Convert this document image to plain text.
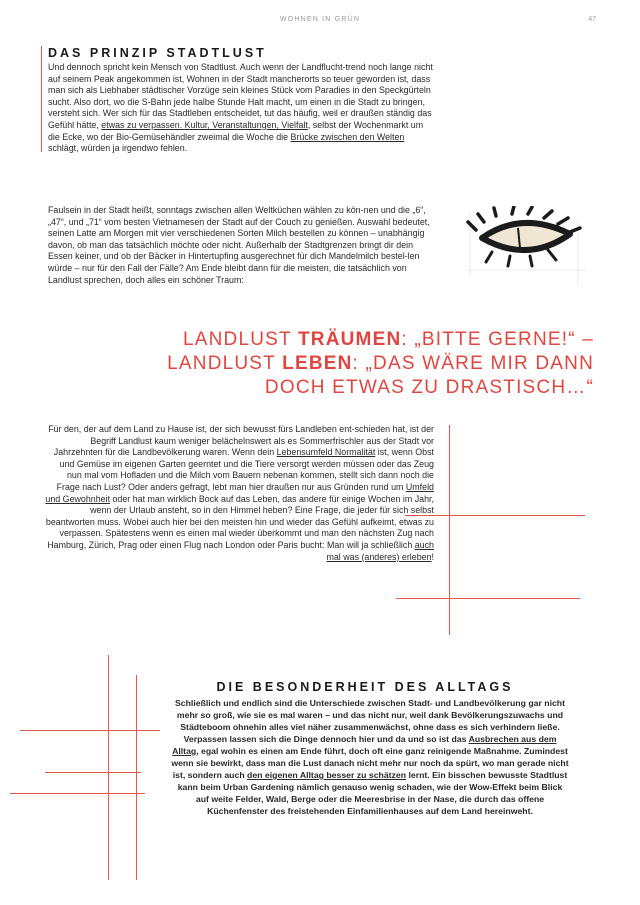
WOHNEN IN GRÜN	47
DAS PRINZIP STADTLUST

Und dennoch spricht kein Mensch von Stadtlust. Auch wenn der Landflucht-trend noch lange nicht auf seinem Peak angekommen ist, Wohnen in der Stadt mancherorts so teuer geworden ist, dass man sich als Liebhaber städtischer Vorzüge sein kleines Stück vom Paradies in den Speckgürteln sucht. Also dort, wo die S-Bahn jede halbe Stunde Halt macht, um einen in die Stadt zu bringen, versteht sich. Wer sich für das Stadtleben entscheidet, tut das häufig, weil er draußen ständig das Gefühl hätte, etwas zu verpassen. Kultur, Veranstaltungen, Vielfalt, selbst der Wochenmarkt um die Ecke, wo der Bio-Gemüsehändler zweimal die Woche die Brücke zwischen den Welten schlägt, würden ja irgendwo fehlen.

Faulsein in der Stadt heißt, sonntags zwischen allen Weltküchen wählen zu kön-nen und die „6“, „47“, und „71“ vom besten Vietnamesen der Stadt auf der Couch zu genießen. Auswahl bedeutet, seinen Latte am Morgen mit vier verschiedenen Sorten Milch bestellen zu können – unabhängig davon, ob man das tatsächlich möchte oder nicht. Außerhalb der Stadtgrenzen bringt dir dein Essen keiner, und ob der Bäcker in Hintertupfing ausgerechnet für dich Mandelmilch bestel-len würde – nur für den Fall der Fälle? Am Ende bleibt dann für die meisten, die tatsächlich von Landlust sprechen, doch alles ein schöner Traum:

LANDLUST TRÄUMEN: „BITTE GERNE!“ –
LANDLUST LEBEN: „DAS WÄRE MIR DANN
DOCH ETWAS ZU DRASTISCH…“
Für den, der auf dem Land zu Hause ist, der sich bewusst fürs Landleben ent-schieden hat, ist der Begriff Landlust kaum weniger belächelnswert als es Sommerfrischler aus der Stadt vor Jahrzehnten für die Landbevölkerung waren. Wenn dein Lebensumfeld Normalität ist, wenn Obst und Gemüse im eigenen Garten geerntet und die Tiere versorgt werden müssen oder das Zeug nun mal vom Hofladen und die Milch vom Bauern nebenan kommen, stellt sich dann noch die Frage nach Lust? Oder anders gefragt, lebt man hier draußen nur aus Gründen rund um Umfeld und Gewohnheit oder hat man wirklich Bock auf das Leben, das andere für einige Wochen im Jahr, wenn der Urlaub ansteht, so in den Himmel heben? Eine Frage, die jeder für sich selbst beantworten muss. Wobei auch hier bei den meisten hin und wieder das Gefühl aufkeimt, etwas zu verpassen. Spätestens wenn es einen mal wieder überkommt und man den nächsten Zug nach Hamburg, Zürich, Prag oder einen Flug nach London oder Paris bucht: Man will ja schließlich auch mal was (anderes) erleben!
DIE BESONDERHEIT DES ALLTAGS
Schließlich und endlich sind die Unterschiede zwischen Stadt- und Landbevölkerung gar nicht mehr so groß, wie sie es mal waren – und das nicht nur, weil dank Bevölkerungszuwachs und Städteboom ohnehin alles viel näher zusammenwächst, ohne dass es sich verhindern ließe. Verpassen lassen sich die Dinge dennoch hier und da und so ist das Ausbrechen aus dem Alltag, egal wohin es einen am Ende führt, doch oft eine ganz reinigende Maßnahme. Zumindest wenn sie bewirkt, dass man die Lust danach nicht mehr nur noch da spürt, wo man gerade nicht ist, sondern auch den eigenen Alltag besser zu schätzen lernt. Ein bisschen bewusste Stadtlust kann beim Urban Gardening nämlich genauso wenig schaden, wie der Wow-Effekt beim Blick auf weite Felder, Wald, Berge oder die Meeresbrise in der Nase, die durch das offene Küchenfenster des freistehenden Einfamilienhauses auf dem Land hereinweht.
